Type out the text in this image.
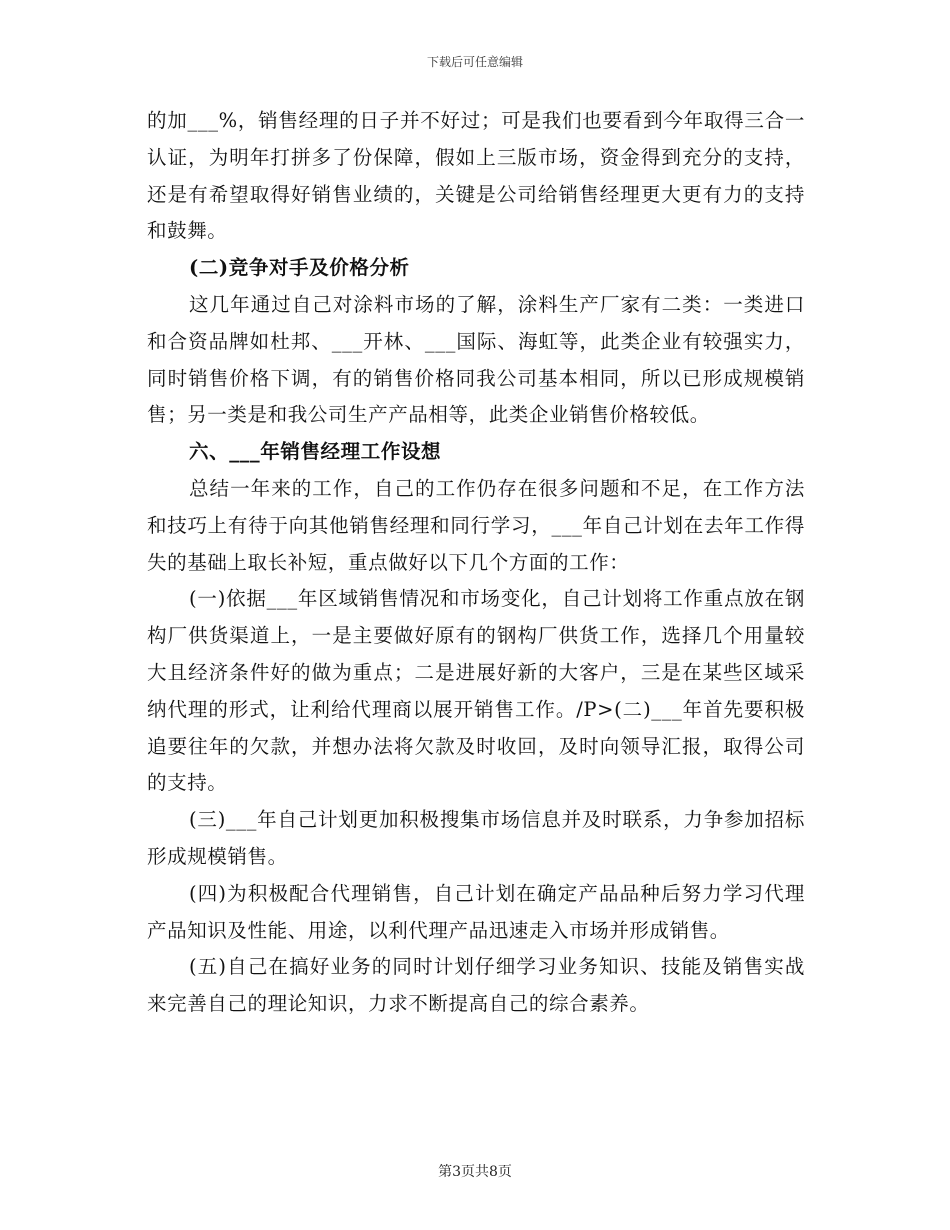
下载后可任意编辑

的加___%，销售经理的日子并不好过；可是我们也要看到今年取得三合一认证，为明年打拼多了份保障，假如上三版市场，资金得到充分的支持，还是有希望取得好销售业绩的，关键是公司给销售经理更大更有力的支持和鼓舞。

(二)竞争对手及价格分析

这几年通过自己对涂料市场的了解，涂料生产厂家有二类：一类进口和合资品牌如杜邦、___开林、___国际、海虹等，此类企业有较强实力，同时销售价格下调，有的销售价格同我公司基本相同，所以已形成规模销售；另一类是和我公司生产产品相等，此类企业销售价格较低。

六、___年销售经理工作设想

总结一年来的工作，自己的工作仍存在很多问题和不足，在工作方法和技巧上有待于向其他销售经理和同行学习，___年自己计划在去年工作得失的基础上取长补短，重点做好以下几个方面的工作：

(一)依据___年区域销售情况和市场变化，自己计划将工作重点放在钢构厂供货渠道上，一是主要做好原有的钢构厂供货工作，选择几个用量较大且经济条件好的做为重点；二是进展好新的大客户，三是在某些区域采纳代理的形式，让利给代理商以展开销售工作。/P>(二)___年首先要积极追要往年的欠款，并想办法将欠款及时收回，及时向领导汇报，取得公司的支持。

(三)___年自己计划更加积极搜集市场信息并及时联系，力争参加招标形成规模销售。

(四)为积极配合代理销售，自己计划在确定产品品种后努力学习代理产品知识及性能、用途，以利代理产品迅速走入市场并形成销售。

(五)自己在搞好业务的同时计划仔细学习业务知识、技能及销售实战来完善自己的理论知识，力求不断提高自己的综合素养。

第3页共8页
